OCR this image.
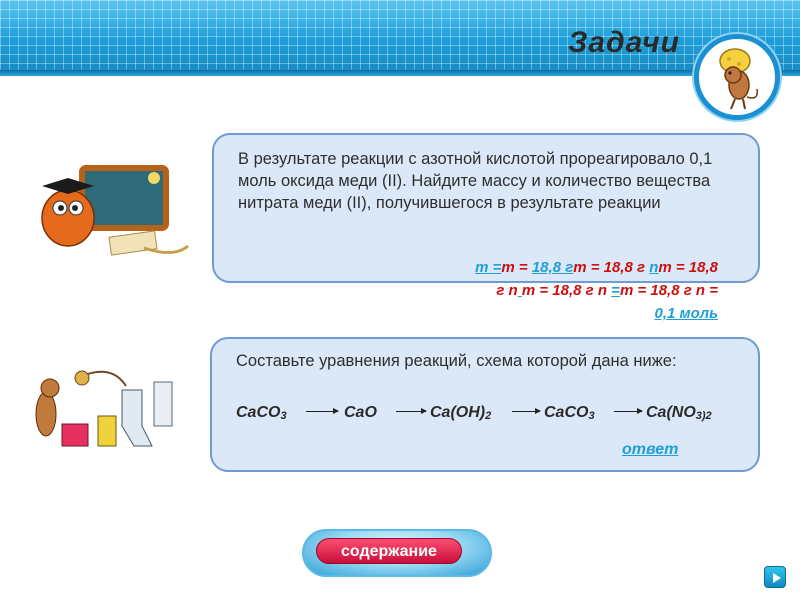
Задачи
В результате реакции с азотной кислотой прореагировало 0,1 моль оксида меди (II). Найдите массу и количество вещества нитрата меди (II), получившегося в результате реакции
m =m = 18,8 гm = 18,8 г nm = 18,8
г n m = 18,8 г n =m = 18,8 г n =
0,1 моль
Составьте уравнения реакций, схема которой дана ниже:
CaCO$_3$ → CaO → $Ca(OH)_2$ → CaCO$_3$ → $Ca(NO_{3)2}$
ответ
содержание
